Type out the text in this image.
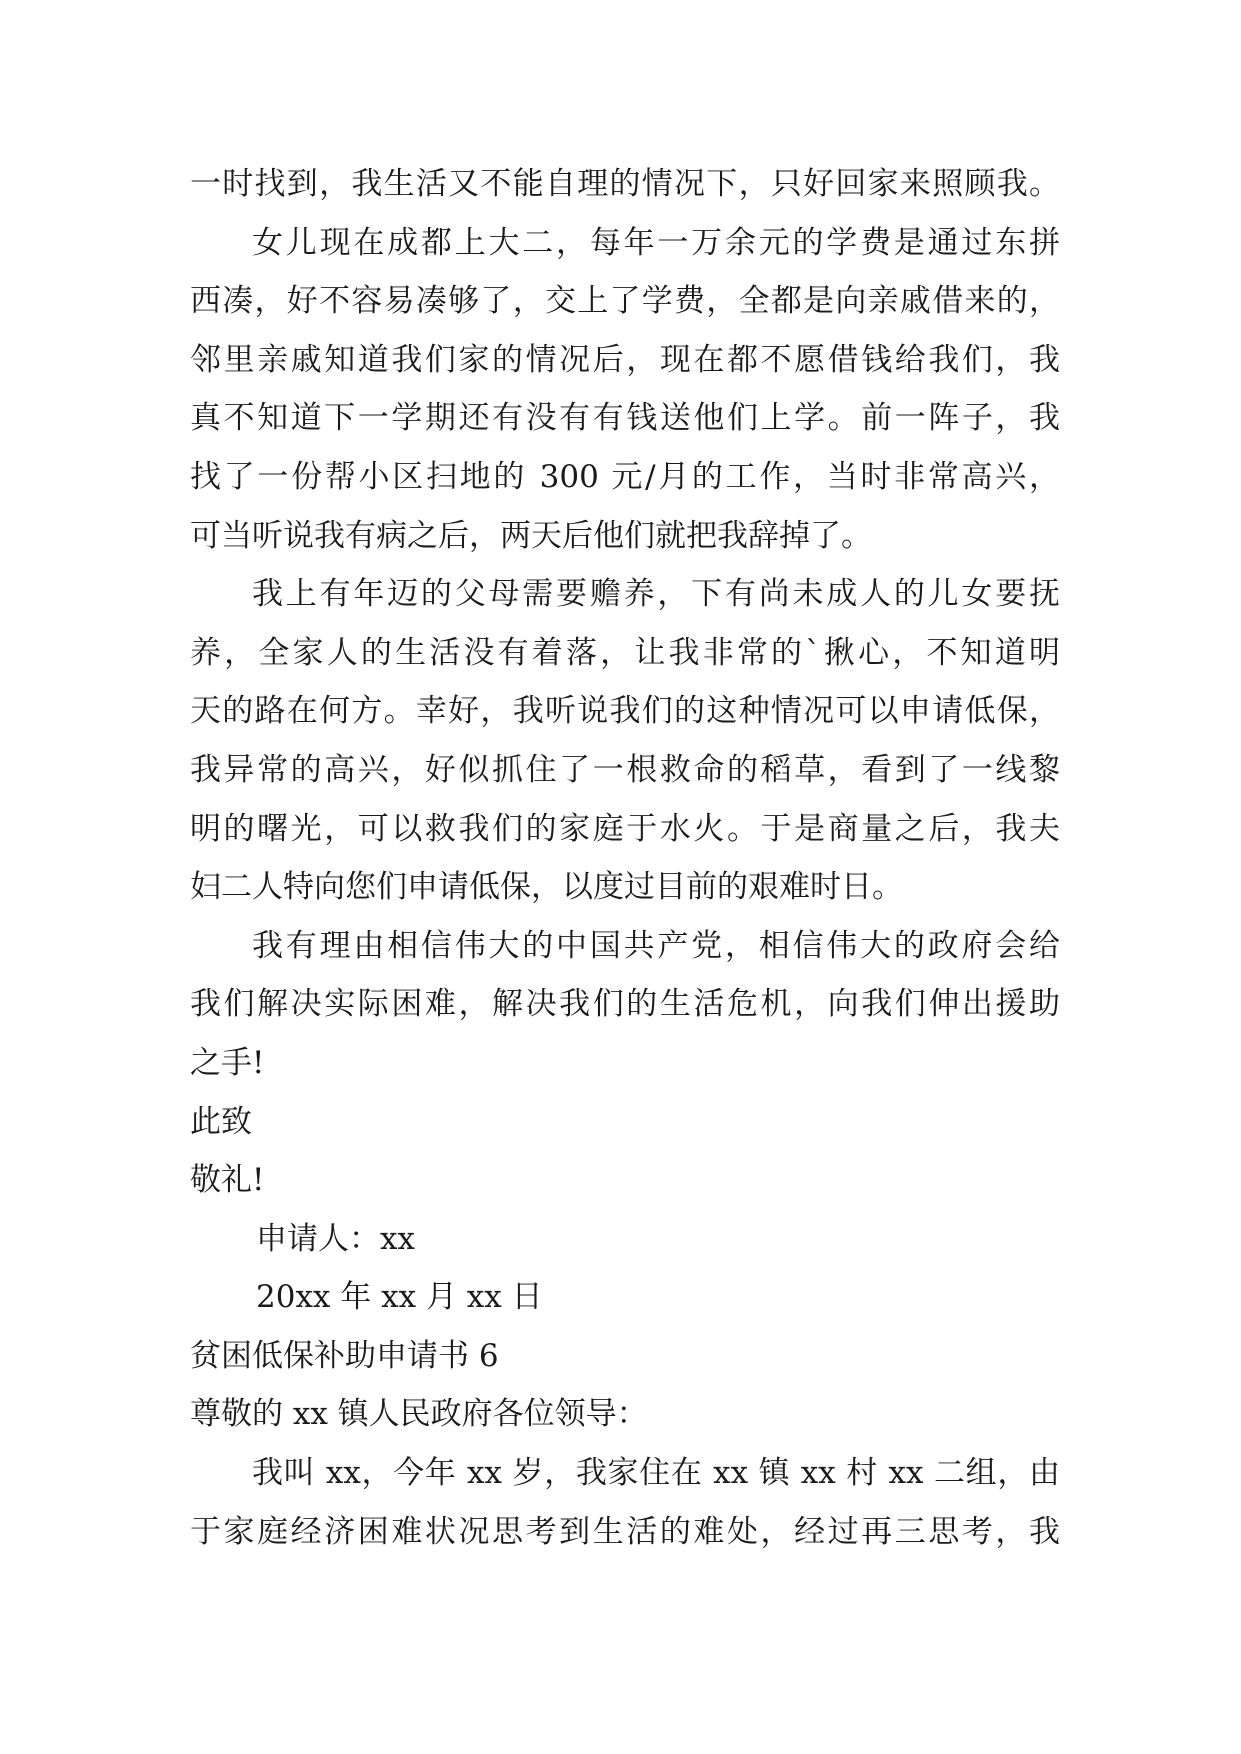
一时找到，我生活又不能自理的情况下，只好回家来照顾我。
女儿现在成都上大二，每年一万余元的学费是通过东拼
西凑，好不容易凑够了，交上了学费，全都是向亲戚借来的，
邻里亲戚知道我们家的情况后，现在都不愿借钱给我们，我
真不知道下一学期还有没有有钱送他们上学。前一阵子，我
找了一份帮小区扫地的 300 元/月的工作，当时非常高兴，
可当听说我有病之后，两天后他们就把我辞掉了。
我上有年迈的父母需要赡养，下有尚未成人的儿女要抚
养，全家人的生活没有着落，让我非常的`揪心，不知道明
天的路在何方。幸好，我听说我们的这种情况可以申请低保，
我异常的高兴，好似抓住了一根救命的稻草，看到了一线黎
明的曙光，可以救我们的家庭于水火。于是商量之后，我夫
妇二人特向您们申请低保，以度过目前的艰难时日。
我有理由相信伟大的中国共产党，相信伟大的政府会给
我们解决实际困难，解决我们的生活危机，向我们伸出援助
之手!
此致
敬礼!
申请人：xx
20xx 年 xx 月 xx 日
贫困低保补助申请书 6
尊敬的 xx 镇人民政府各位领导：
我叫 xx，今年 xx 岁，我家住在 xx 镇 xx 村 xx 二组，由
于家庭经济困难状况思考到生活的难处，经过再三思考，我
